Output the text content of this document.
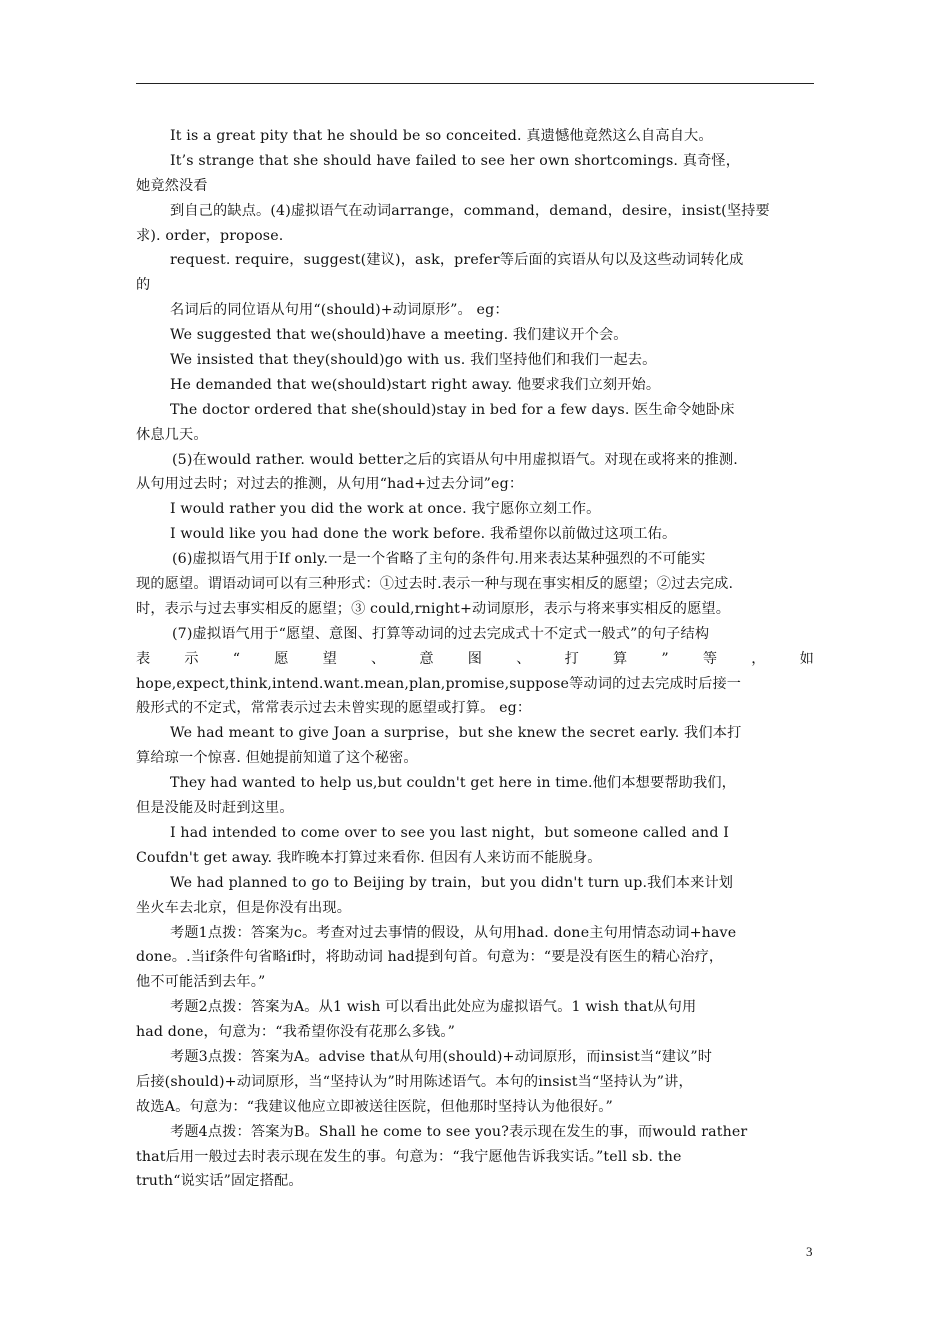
It is a great pity that he should be so conceited. 真遗憾他竟然这么自高自大。
It’s strange that she should have failed to see her own shortcomings. 真奇怪，
她竟然没看
到自己的缺点。(4)虚拟语气在动词arrange，command，demand，desire，insist(坚持要
求). order，propose.
request. require，suggest(建议)，ask，prefer等后面的宾语从句以及这些动词转化成
的
名词后的同位语从句用“(should)+动词原形”。 eg：
We suggested that we(should)have a meeting. 我们建议开个会。
We insisted that they(should)go with us. 我们坚持他们和我们一起去。
He demanded that we(should)start right away. 他要求我们立刻开始。
The doctor ordered that she(should)stay in bed for a few days. 医生命令她卧床
休息几天。
(5)在would rather. would better之后的宾语从句中用虚拟语气。对现在或将来的推测.
从句用过去时；对过去的推测，从句用“had+过去分词”eg：
I would rather you did the work at once. 我宁愿你立刻工作。
I would like you had done the work before. 我希望你以前做过这项工佑。
(6)虚拟语气用于If only.一是一个省略了主句的条件句.用来表达某种强烈的不可能实
现的愿望。谓语动词可以有三种形式：①过去时.表示一种与现在事实相反的愿望；②过去完成.
时，表示与过去事实相反的愿望；③ could,rnight+动词原形，表示与将来事实相反的愿望。
(7)虚拟语气用于“愿望、意图、打算等动词的过去完成式十不定式一般式”的句子结构
表 示 “ 愿 望 、 意 图 、 打 算 ” 等 ， 如
hope,expect,think,intend.want.mean,plan,promise,suppose等动词的过去完成时后接一
般形式的不定式，常常表示过去未曾实现的愿望或打算。 eg：
We had meant to give Joan a surprise，but she knew the secret early. 我们本打
算给琼一个惊喜. 但她提前知道了这个秘密。
They had wanted to help us,but couldn't get here in time.他们本想要帮助我们，
但是没能及时赶到这里。
I had intended to come over to see you last night，but someone called and I
Coufdn't get away. 我昨晚本打算过来看你. 但因有人来访而不能脱身。
We had planned to go to Beijing by train，but you didn't turn up.我们本来计划
坐火车去北京，但是你没有出现。
考题1点拨：答案为c。考查对过去事情的假设，从句用had. done主句用情态动词+have
done。.当if条件句省略if时，将助动词 had提到句首。句意为：“要是没有医生的精心治疗，
他不可能活到去年。”
考题2点拨：答案为A。从1 wish 可以看出此处应为虚拟语气。1 wish that从句用
had done，句意为：“我希望你没有花那么多钱。”
考题3点拨：答案为A。advise that从句用(should)+动词原形，而insist当“建议”时
后接(should)+动词原形，当“坚持认为”时用陈述语气。本句的insist当“坚持认为”讲，
故选A。句意为：“我建议他应立即被送往医院，但他那时坚持认为他很好。”
考题4点拨：答案为B。Shall he come to see you?表示现在发生的事，而would rather
that后用一般过去时表示现在发生的事。句意为：“我宁愿他告诉我实话。”tell sb. the
truth“说实话”固定搭配。
3
